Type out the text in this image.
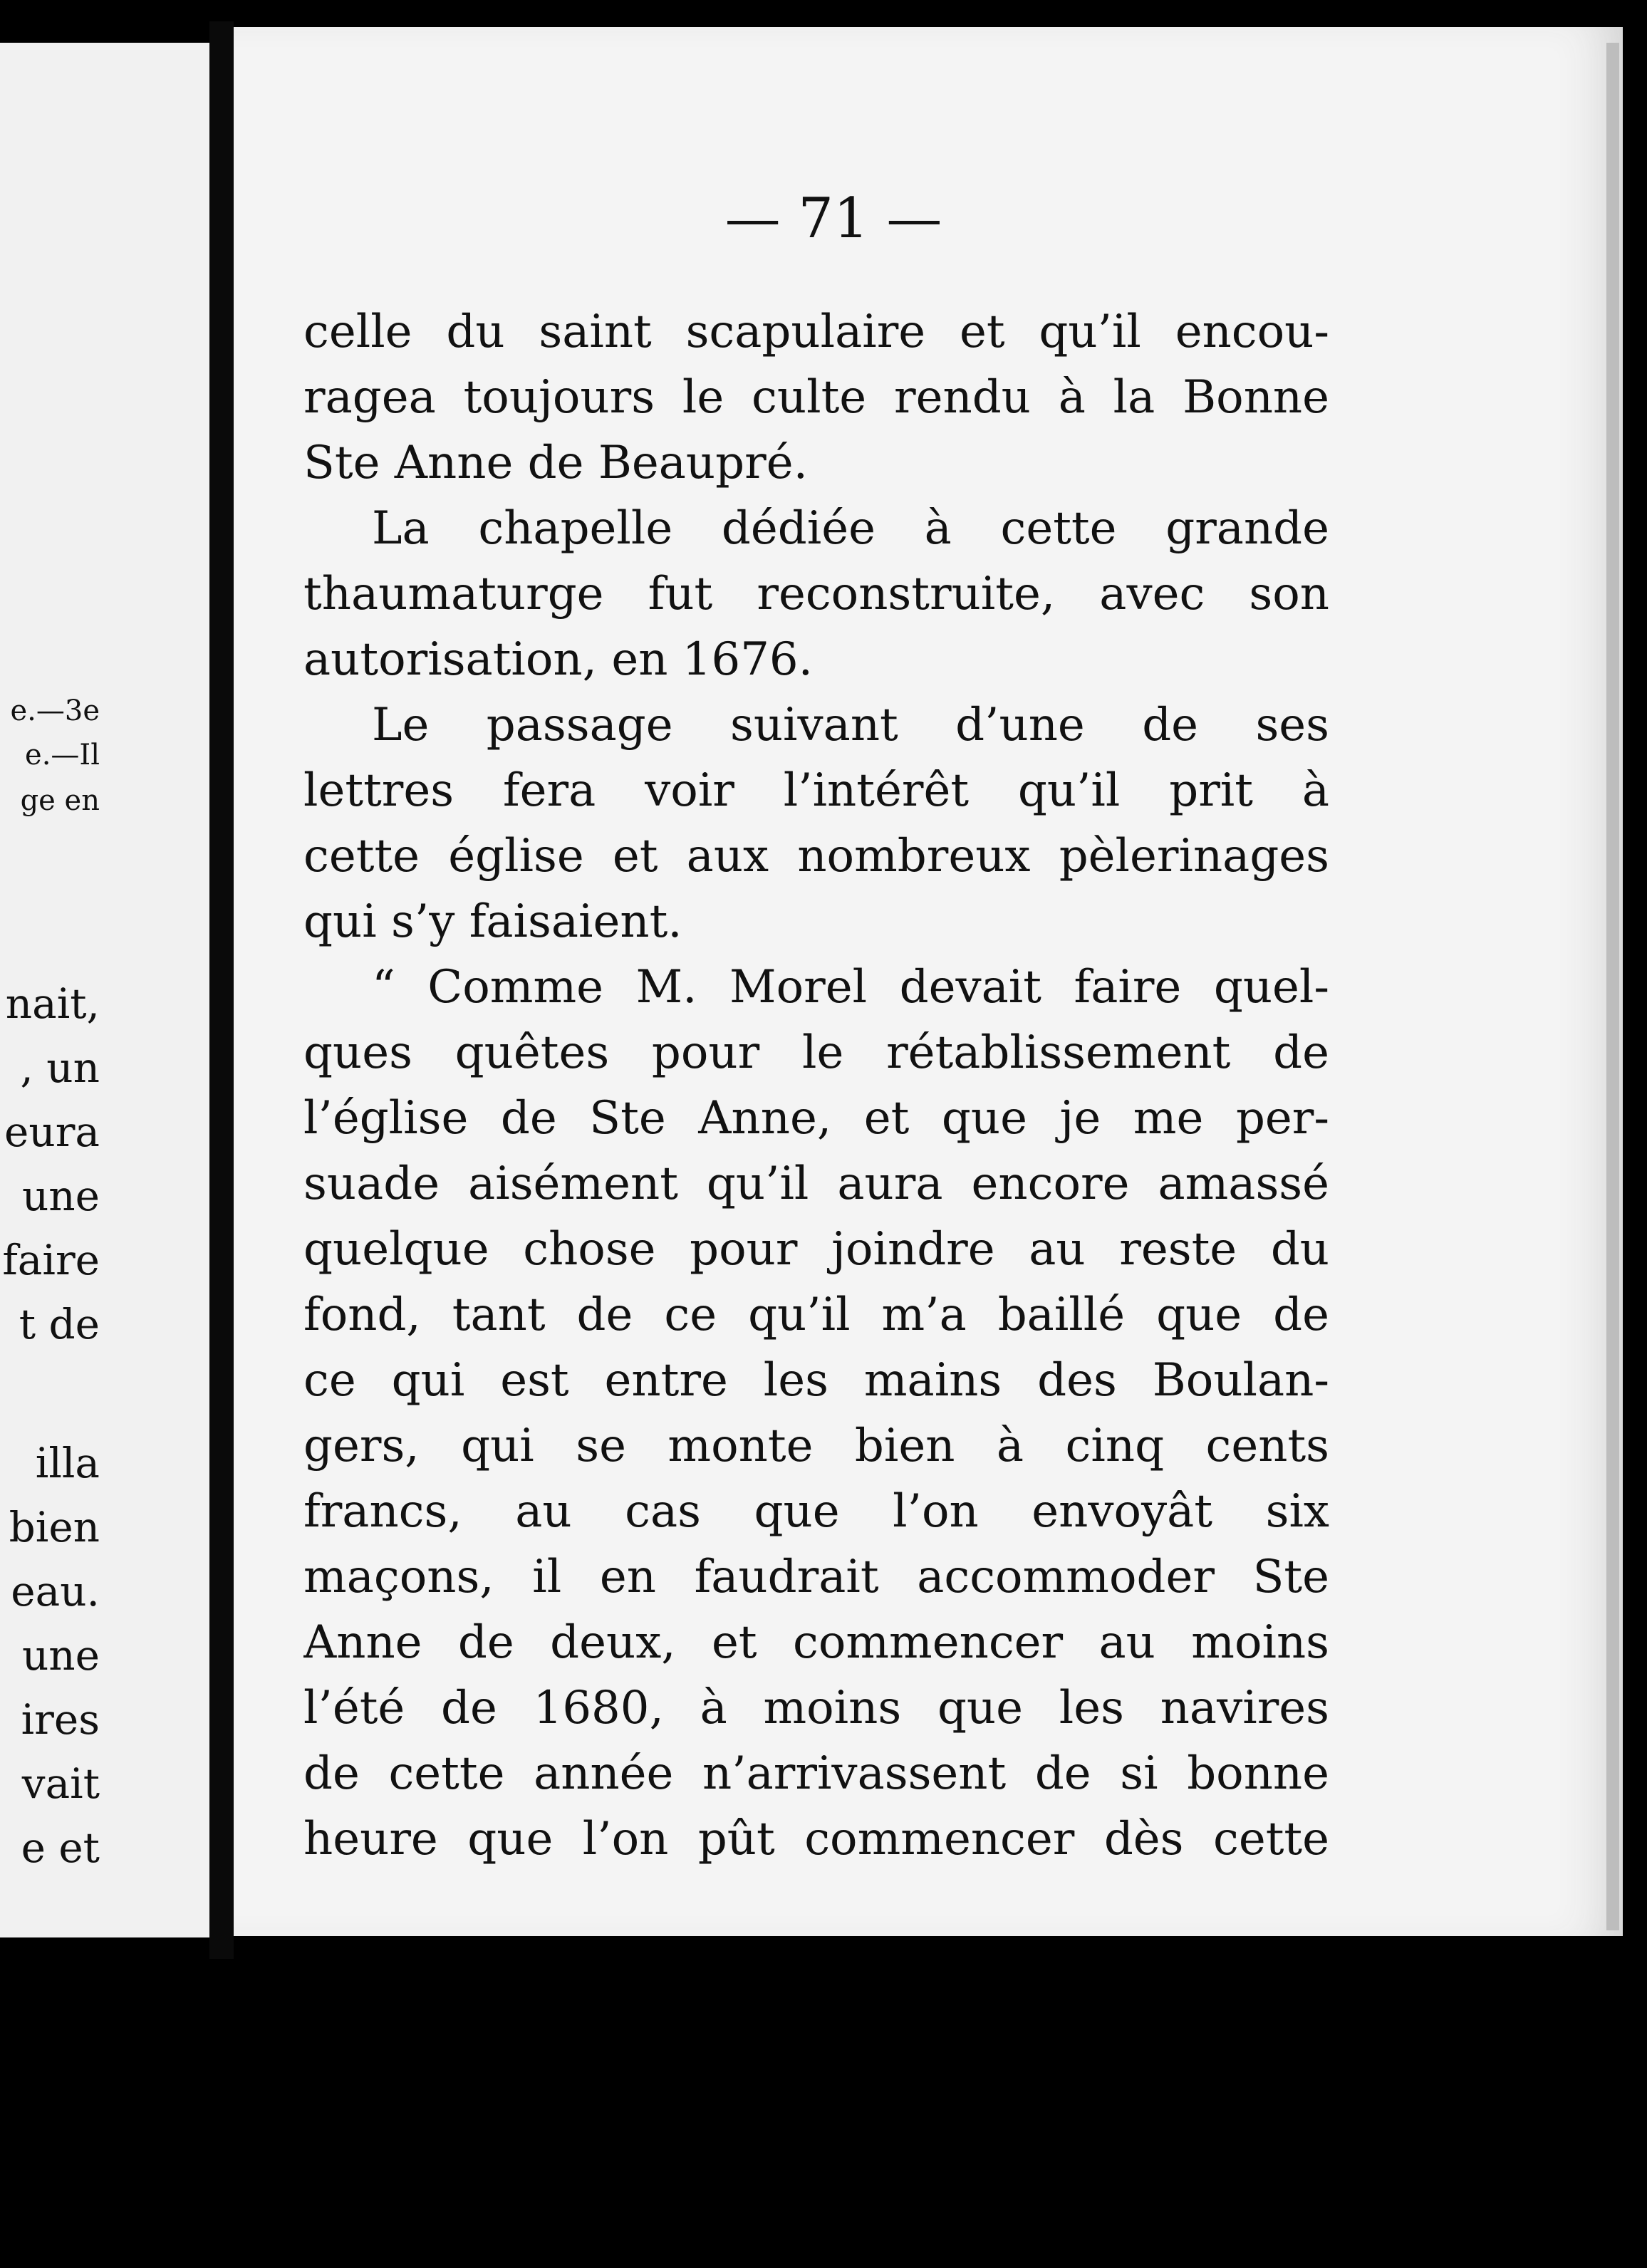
e.—3e
e.—Il
ge en
nait,
, un
eura
une
faire
t de
illa
bien
eau.
une
ires
vait
e et
— 71 —
celle du saint scapulaire et qu’il encou-
ragea toujours le culte rendu à la Bonne
Ste Anne de Beaupré.
La chapelle dédiée à cette grande
thaumaturge fut reconstruite, avec son
autorisation, en 1676.
Le passage suivant d’une de ses
lettres fera voir l’intérêt qu’il prit à
cette église et aux nombreux pèlerinages
qui s’y faisaient.
“ Comme M. Morel devait faire quel-
ques quêtes pour le rétablissement de
l’église de Ste Anne, et que je me per-
suade aisément qu’il aura encore amassé
quelque chose pour joindre au reste du
fond, tant de ce qu’il m’a baillé que de
ce qui est entre les mains des Boulan-
gers, qui se monte bien à cinq cents
francs, au cas que l’on envoyât six
maçons, il en faudrait accommoder Ste
Anne de deux, et commencer au moins
l’été de 1680, à moins que les navires
de cette année n’arrivassent de si bonne
heure que l’on pût commencer dès cette
